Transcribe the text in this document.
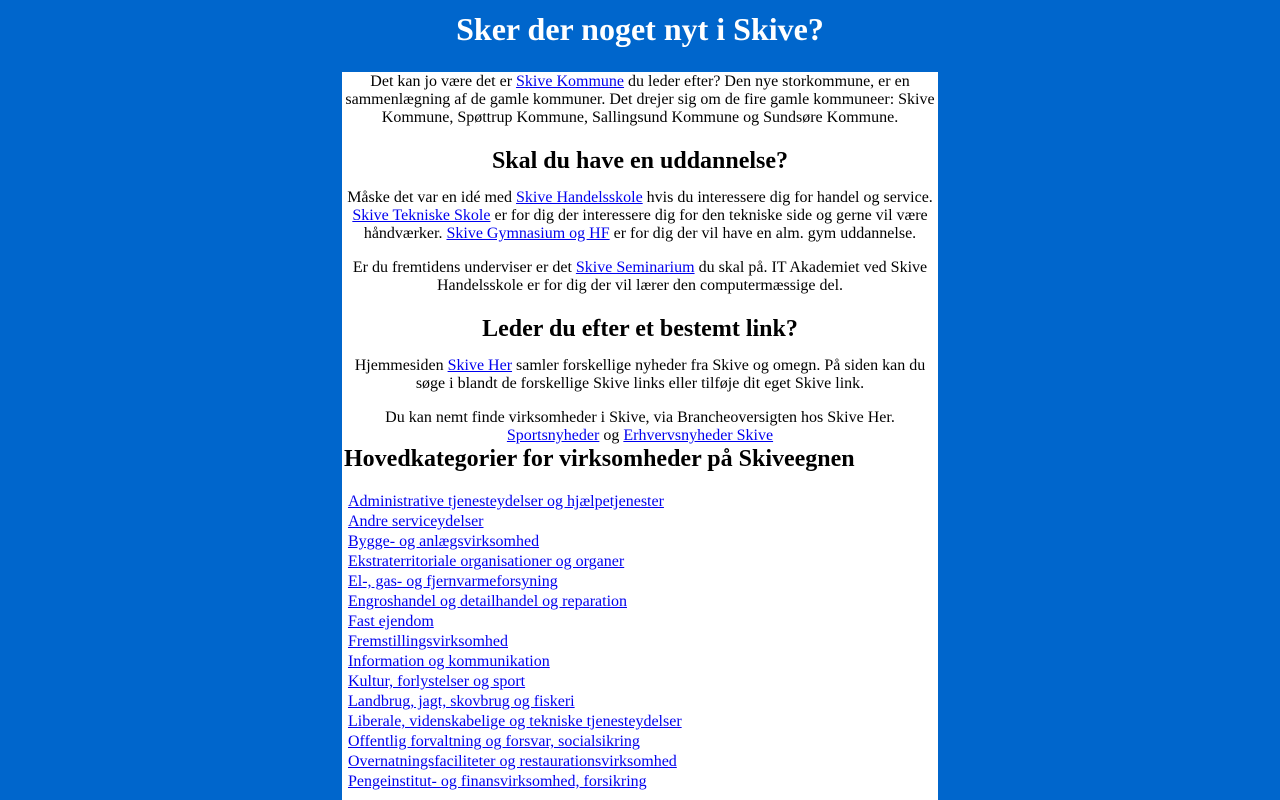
Sker der noget nyt i Skive?

Det kan jo være det er Skive Kommune du leder efter? Den nye storkommune, er en sammenlægning af de gamle kommuner. Det drejer sig om de fire gamle kommuneer: Skive Kommune, Spøttrup Kommune, Sallingsund Kommune og Sundsøre Kommune.

Skal du have en uddannelse?

Måske det var en idé med Skive Handelsskole hvis du interessere dig for handel og service. Skive Tekniske Skole er for dig der interessere dig for den tekniske side og gerne vil være håndværker. Skive Gymnasium og HF er for dig der vil have en alm. gym uddannelse.

Er du fremtidens underviser er det Skive Seminarium du skal på. IT Akademiet ved Skive Handelsskole er for dig der vil lærer den computermæssige del.

Leder du efter et bestemt link?

Hjemmesiden Skive Her samler forskellige nyheder fra Skive og omegn. På siden kan du søge i blandt de forskellige Skive links eller tilføje dit eget Skive link.

Du kan nemt finde virksomheder i Skive, via Brancheoversigten hos Skive Her.
Sportsnyheder og Erhvervsnyheder Skive

Hovedkategorier for virksomheder på Skiveegnen
Administrative tjenesteydelser og hjælpetjenester
Andre serviceydelser
Bygge- og anlægsvirksomhed
Ekstraterritoriale organisationer og organer
El-, gas- og fjernvarmeforsyning
Engroshandel og detailhandel og reparation
Fast ejendom
Fremstillingsvirksomhed
Information og kommunikation
Kultur, forlystelser og sport
Landbrug, jagt, skovbrug og fiskeri
Liberale, videnskabelige og tekniske tjenesteydelser
Offentlig forvaltning og forsvar, socialsikring
Overnatningsfaciliteter og restaurationsvirksomhed
Pengeinstitut- og finansvirksomhed, forsikring
